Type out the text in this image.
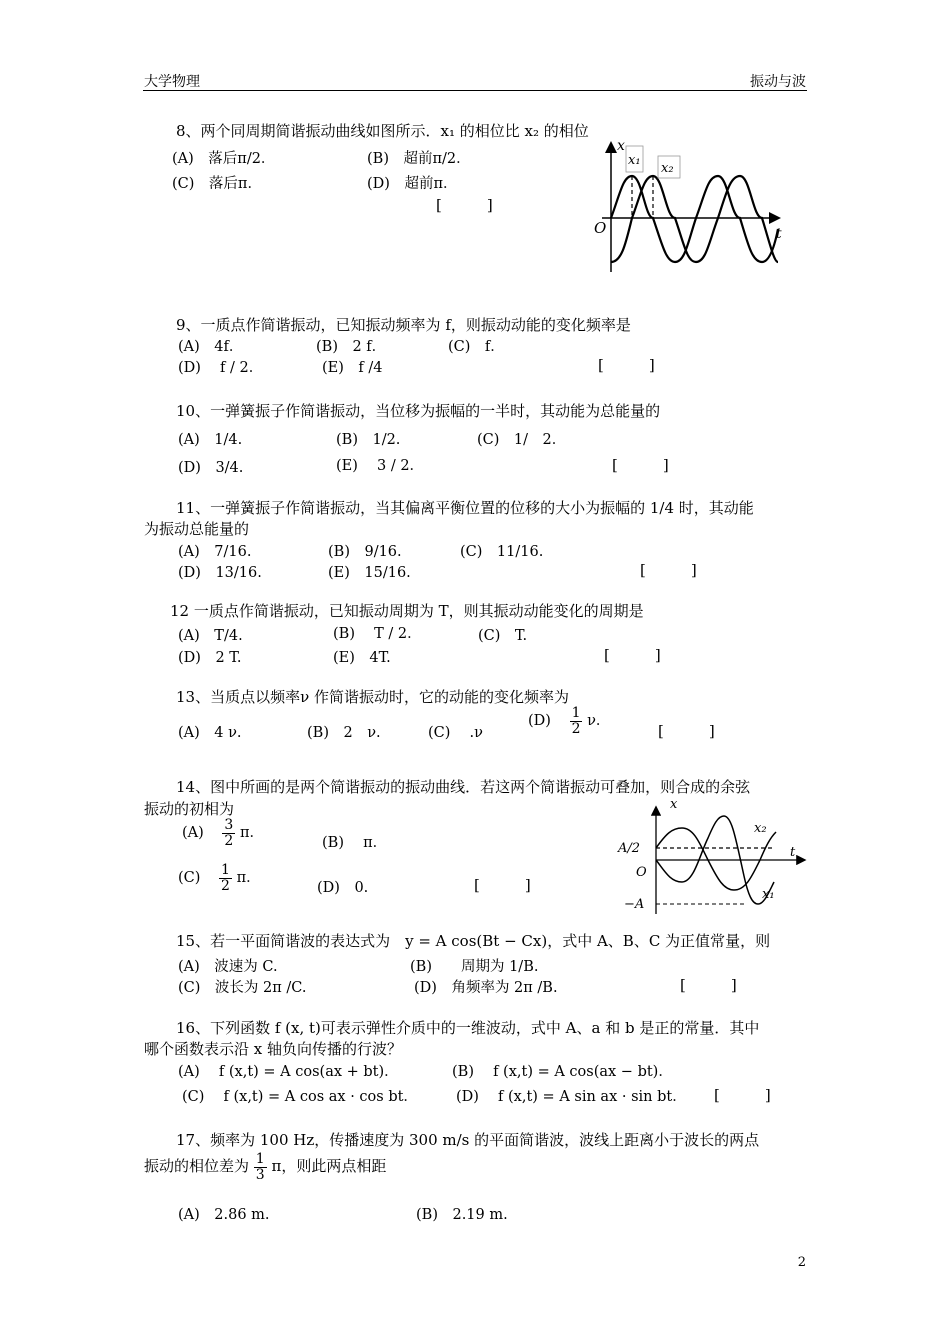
大学物理	振动与波
8、两个同周期简谐振动曲线如图所示．x₁ 的相位比 x₂ 的相位
(A)　落后π/2．	(B)　超前π/2．
(C)　落后π．	(D)　超前π．
[　　　]
x
x₁
x₂
O	t
9、一质点作简谐振动，已知振动频率为 f，则振动动能的变化频率是
(A)　4f．	(B)　2 f．	(C)　f．
(D)　 f / 2．	(E)　f /4	[　　　]
10、一弹簧振子作简谐振动，当位移为振幅的一半时，其动能为总能量的
(A)　1/4.	(B)　1/2.	(C)　1/　2．
(D)　3/4.	(E)　 3 / 2．	[　　　]
11、一弹簧振子作简谐振动，当其偏离平衡位置的位移的大小为振幅的 1/4 时，其动能
为振动总能量的
(A)　7/16.	(B)　9/16.	(C)　11/16.
(D)　13/16.	(E)　15/16.	[　　　]
12 一质点作简谐振动，已知振动周期为 T，则其振动动能变化的周期是
(A)　T/4.	(B)　 T / 2．	(C)　T.
(D)　2 T.	(E)　4T.	[　　　]
13、当质点以频率ν 作简谐振动时，它的动能的变化频率为
(A)　4 ν.	(B)　2　ν.	(C)　 .ν
$(D) \frac{1}{2}$ ν．
[　　　]
14、图中所画的是两个简谐振动的振动曲线．若这两个简谐振动可叠加，则合成的余弦
振动的初相为
$(A) \frac{3}{2}$ π．
(B)　 π．
$(C) \frac{1}{2}$ π．
(D)　0.	[　　　]
x
x₂
x₁
A/2
O
−A
t
15、若一平面简谐波的表达式为　y = A cos(Bt − Cx)，式中 A、B、C 为正值常量，则
(A)　波速为 C.	(B)　　周期为 1/B.
(C)　波长为 2π /C.	(D)　角频率为 2π /B.	[　　　]
16、下列函数 f (x, t)可表示弹性介质中的一维波动，式中 A、a 和 b 是正的常量．其中
哪个函数表示沿 x 轴负向传播的行波？
(A)　 f (x,t) = A cos(ax + bt)．	(B)　 f (x,t) = A cos(ax − bt)．
(C)　 f (x,t) = A cos ax · cos bt．	(D)　 f (x,t) = A sin ax · sin bt． [　　　]
17、频率为 100 Hz，传播速度为 300 m/s 的平面简谐波，波线上距离小于波长的两点
振动的相位差为 $\frac{1}{3}$ π，则此两点相距
(A)　2.86 m.	(B)　2.19 m.
2
